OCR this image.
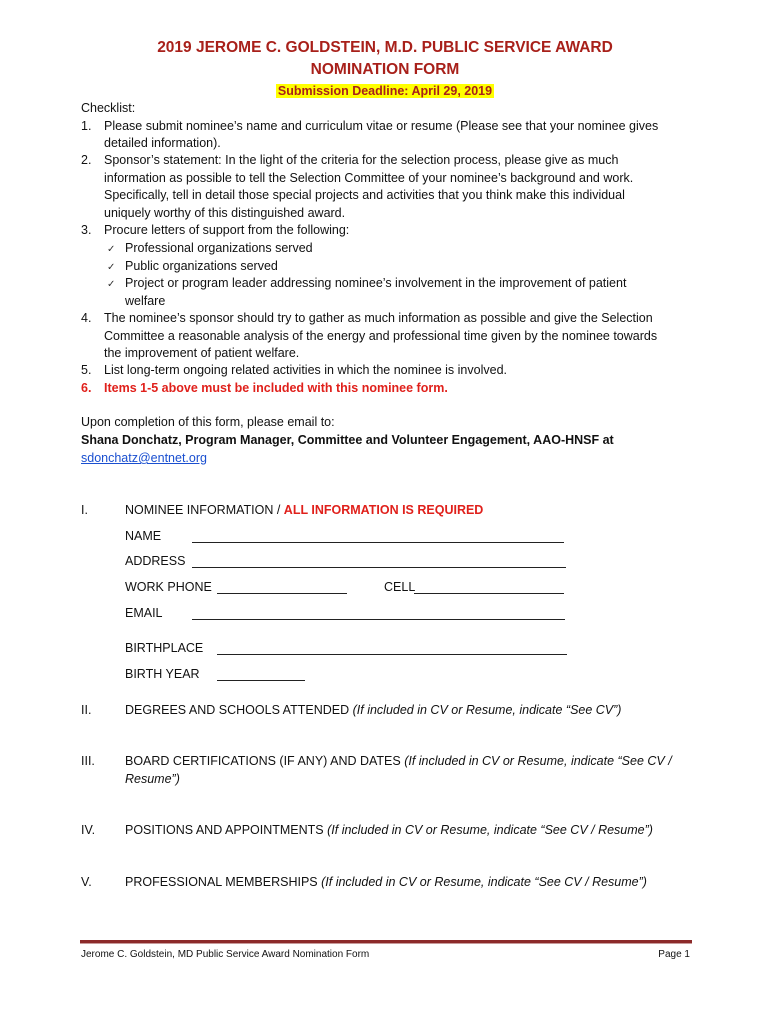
2019 JEROME C. GOLDSTEIN, M.D. PUBLIC SERVICE AWARD
NOMINATION FORM
Submission Deadline: April 29, 2019
Checklist:
1. Please submit nominee’s name and curriculum vitae or resume (Please see that your nominee gives
detailed information).
2. Sponsor’s statement: In the light of the criteria for the selection process, please give as much
information as possible to tell the Selection Committee of your nominee’s background and work.
Specifically, tell in detail those special projects and activities that you think make this individual
uniquely worthy of this distinguished award.
3. Procure letters of support from the following:
✓ Professional organizations served
✓ Public organizations served
✓ Project or program leader addressing nominee’s involvement in the improvement of patient
welfare
4. The nominee’s sponsor should try to gather as much information as possible and give the Selection
Committee a reasonable analysis of the energy and professional time given by the nominee towards
the improvement of patient welfare.
5. List long-term ongoing related activities in which the nominee is involved.
6. Items 1-5 above must be included with this nominee form.
Upon completion of this form, please email to:
Shana Donchatz, Program Manager, Committee and Volunteer Engagement, AAO-HNSF at
sdonchatz@entnet.org
I.	NOMINEE INFORMATION / ALL INFORMATION IS REQUIRED
NAME
ADDRESS
WORK PHONE	CELL
EMAIL
BIRTHPLACE
BIRTH YEAR
II.	DEGREES AND SCHOOLS ATTENDED (If included in CV or Resume, indicate “See CV”)
III. BOARD CERTIFICATIONS (IF ANY) AND DATES (If included in CV or Resume, indicate “See CV /
Resume”)
IV. POSITIONS AND APPOINTMENTS (If included in CV or Resume, indicate “See CV / Resume”)
V.	PROFESSIONAL MEMBERSHIPS (If included in CV or Resume, indicate “See CV / Resume”)
Jerome C. Goldstein, MD Public Service Award Nomination Form	Page 1
